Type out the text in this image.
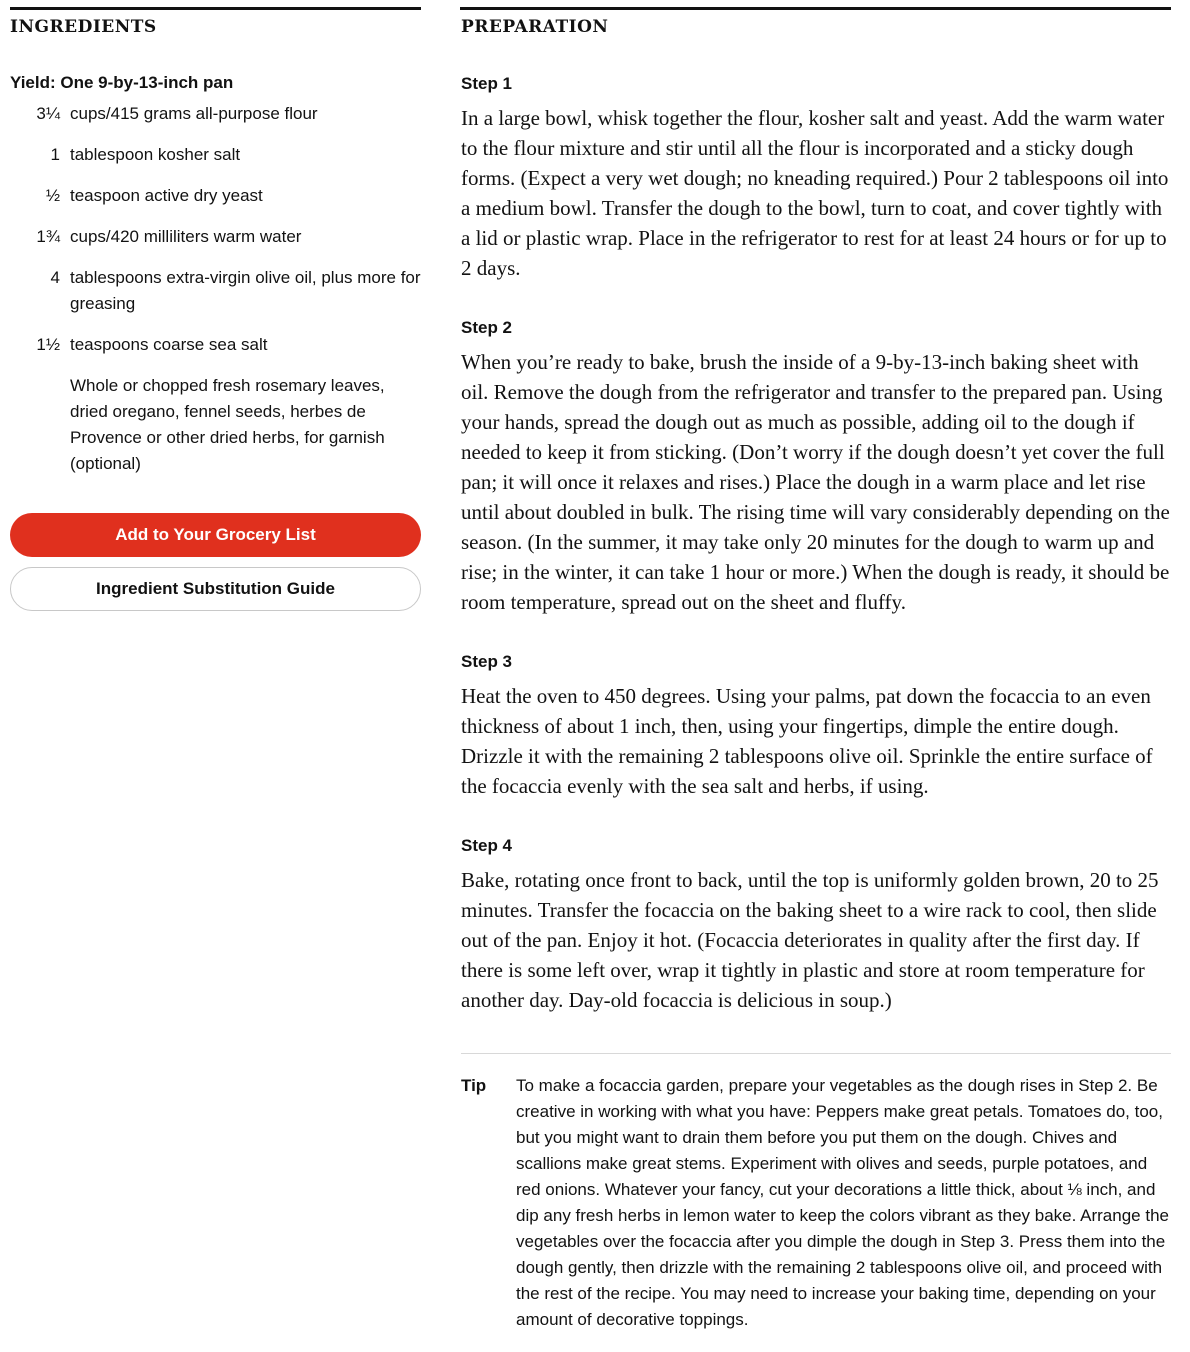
INGREDIENTS
Yield: One 9-by-13-inch pan
3¼ cups/415 grams all-purpose flour
1 tablespoon kosher salt
½ teaspoon active dry yeast
1¾ cups/420 milliliters warm water
4 tablespoons extra-virgin olive oil, plus more for greasing
1½ teaspoons coarse sea salt
Whole or chopped fresh rosemary leaves, dried oregano, fennel seeds, herbes de Provence or other dried herbs, for garnish (optional)
Add to Your Grocery List
Ingredient Substitution Guide
PREPARATION
Step 1

In a large bowl, whisk together the flour, kosher salt and yeast. Add the warm water to the flour mixture and stir until all the flour is incorporated and a sticky dough forms. (Expect a very wet dough; no kneading required.) Pour 2 tablespoons oil into a medium bowl. Transfer the dough to the bowl, turn to coat, and cover tightly with a lid or plastic wrap. Place in the refrigerator to rest for at least 24 hours or for up to 2 days.

Step 2

When you’re ready to bake, brush the inside of a 9-by-13-inch baking sheet with oil. Remove the dough from the refrigerator and transfer to the prepared pan. Using your hands, spread the dough out as much as possible, adding oil to the dough if needed to keep it from sticking. (Don’t worry if the dough doesn’t yet cover the full pan; it will once it relaxes and rises.) Place the dough in a warm place and let rise until about doubled in bulk. The rising time will vary considerably depending on the season. (In the summer, it may take only 20 minutes for the dough to warm up and rise; in the winter, it can take 1 hour or more.) When the dough is ready, it should be room temperature, spread out on the sheet and fluffy.

Step 3

Heat the oven to 450 degrees. Using your palms, pat down the focaccia to an even thickness of about 1 inch, then, using your fingertips, dimple the entire dough. Drizzle it with the remaining 2 tablespoons olive oil. Sprinkle the entire surface of the focaccia evenly with the sea salt and herbs, if using.

Step 4

Bake, rotating once front to back, until the top is uniformly golden brown, 20 to 25 minutes. Transfer the focaccia on the baking sheet to a wire rack to cool, then slide out of the pan. Enjoy it hot. (Focaccia deteriorates in quality after the first day. If there is some left over, wrap it tightly in plastic and store at room temperature for another day. Day-old focaccia is delicious in soup.)

Tip	To make a focaccia garden, prepare your vegetables as the dough rises in Step 2. Be creative in working with what you have: Peppers make great petals. Tomatoes do, too, but you might want to drain them before you put them on the dough. Chives and scallions make great stems. Experiment with olives and seeds, purple potatoes, and red onions. Whatever your fancy, cut your decorations a little thick, about ⅛ inch, and dip any fresh herbs in lemon water to keep the colors vibrant as they bake. Arrange the vegetables over the focaccia after you dimple the dough in Step 3. Press them into the dough gently, then drizzle with the remaining 2 tablespoons olive oil, and proceed with the rest of the recipe. You may need to increase your baking time, depending on your amount of decorative toppings.
